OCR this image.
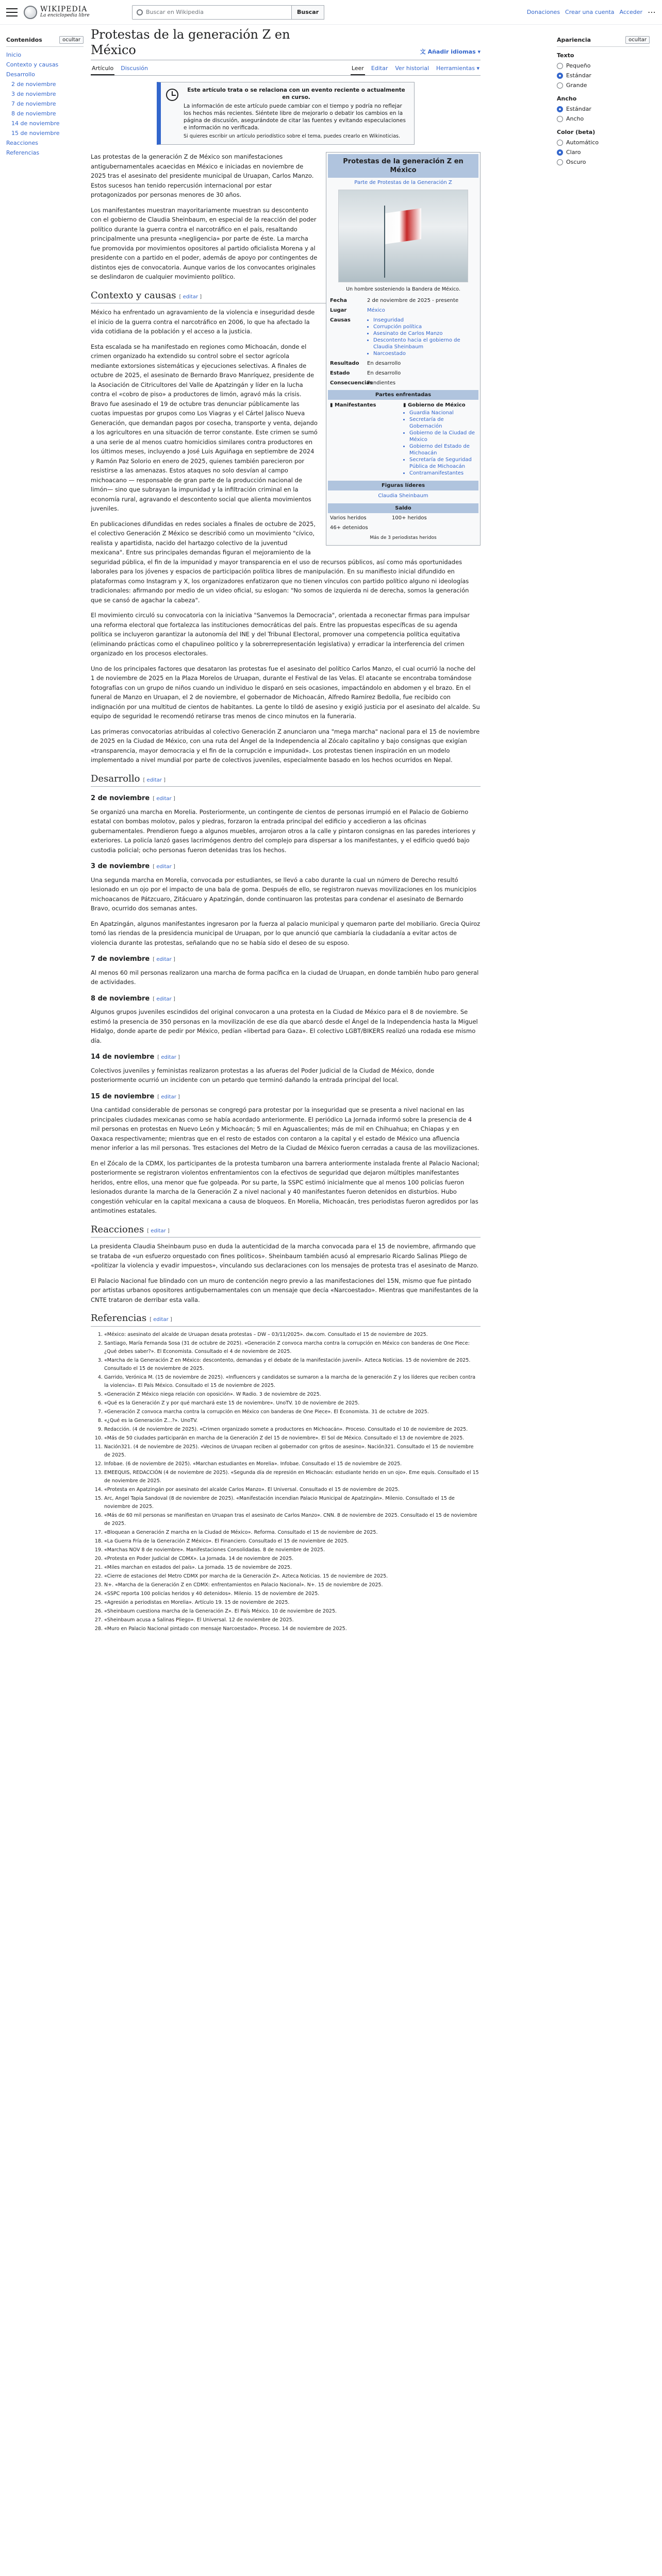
WIKIPEDIA
La enciclopedia libre	Buscar en Wikipedia	Buscar	Donaciones Crear una cuenta Acceder ⋯
Contenidos	ocultar
Inicio
Contexto y causas
Desarrollo
2 de noviembre
3 de noviembre
7 de noviembre
8 de noviembre
14 de noviembre
15 de noviembre
Reacciones
Referencias
Protestas de la generación Z en México	文 Añadir idiomas ▾
Artículo Discusión	Leer Editar Ver historial Herramientas ▾
Este artículo trata o se relaciona con un evento reciente o actualmente en curso.
La información de este artículo puede cambiar con el tiempo y podría no reflejar los hechos más recientes. Siéntete libre de mejorarlo o debatir los cambios en la página de discusión, asegurándote de citar las fuentes y evitando especulaciones e información no verificada.
Si quieres escribir un artículo periodístico sobre el tema, puedes crearlo en Wikinoticias.
Protestas de la generación Z en México
Parte de Protestas de la Generación Z
Un hombre sosteniendo la Bandera de México.
Fecha	2 de noviembre de 2025 - presente
Lugar	México
Causas
•	Inseguridad
• Corrupción política
• Asesinato de Carlos Manzo
• Descontento hacia el gobierno de Claudia Sheinbaum
• Narcoestado
Resultado	En desarrollo
Estado	En desarrollo
Consecuencias
Pendientes
Partes enfrentadas
▮ Manifestantes	▮ Gobierno de México
• Guardia Nacional
• Secretaría de Gobernación
• Gobierno de la Ciudad de México
• Gobierno del Estado de Michoacán
• Secretaría de Seguridad Pública de Michoacán
• Contramanifestantes
Figuras líderes
Claudia Sheinbaum
Saldo
Varios heridos	100+ heridos
46+ detenidos
Más de 3 periodistas heridos

Las protestas de la generación Z de México son manifestaciones antigubernamentales acaecidas en México e iniciadas en noviembre de 2025 tras el asesinato del presidente municipal de Uruapan, Carlos Manzo. Estos sucesos han tenido repercusión internacional por estar protagonizados por personas menores de 30 años.

Los manifestantes muestran mayoritariamente muestran su descontento con el gobierno de Claudia Sheinbaum, en especial de la reacción del poder político durante la guerra contra el narcotráfico en el país, resaltando principalmente una presunta «negligencia» por parte de éste. La marcha fue promovida por movimientos opositores al partido oficialista Morena y al presidente con a partido en el poder, además de apoyo por contingentes de distintos ejes de convocatoria. Aunque varios de los convocantes originales se deslindaron de cualquier movimiento político.

Contexto y causas [ editar ]

México ha enfrentado un agravamiento de la violencia e inseguridad desde el inicio de la guerra contra el narcotráfico en 2006, lo que ha afectado la vida cotidiana de la población y el acceso a la justicia.

Esta escalada se ha manifestado en regiones como Michoacán, donde el crimen organizado ha extendido su control sobre el sector agrícola mediante extorsiones sistemáticas y ejecuciones selectivas. A finales de octubre de 2025, el asesinato de Bernardo Bravo Manríquez, presidente de la Asociación de Citricultores del Valle de Apatzingán y líder en la lucha contra el «cobro de piso» a productores de limón, agravó más la crisis. Bravo fue asesinado el 19 de octubre tras denunciar públicamente las cuotas impuestas por grupos como Los Viagras y el Cártel Jalisco Nueva Generación, que demandan pagos por cosecha, transporte y venta, dejando a los agricultores en una situación de terror constante. Este crimen se sumó a una serie de al menos cuatro homicidios similares contra productores en los últimos meses, incluyendo a José Luis Aguiñaga en septiembre de 2024 y Ramón Paz Solorio en enero de 2025, quienes también parecieron por resistirse a las amenazas. Estos ataques no solo desvían al campo michoacano — responsable de gran parte de la producción nacional de limón— sino que subrayan la impunidad y la infiltración criminal en la economía rural, agravando el descontento social que alienta movimientos juveniles.

En publicaciones difundidas en redes sociales a finales de octubre de 2025, el colectivo Generación Z México se describió como un movimiento "cívico, realista y apartidista, nacido del hartazgo colectivo de la juventud mexicana". Entre sus principales demandas figuran el mejoramiento de la seguridad pública, el fin de la impunidad y mayor transparencia en el uso de recursos públicos, así como más oportunidades laborales para los jóvenes y espacios de participación política libres de manipulación. En su manifiesto inicial difundido en plataformas como Instagram y X, los organizadores enfatizaron que no tienen vínculos con partido político alguno ni ideologías tradicionales: afirmando por medio de un video oficial, su eslogan: "No somos de izquierda ni de derecha, somos la generación que se cansó de agachar la cabeza".

El movimiento circuló su convocatoria con la iniciativa "Sanvemos la Democracia", orientada a reconectar firmas para impulsar una reforma electoral que fortalezca las instituciones democráticas del país. Entre las propuestas específicas de su agenda política se incluyeron garantizar la autonomía del INE y del Tribunal Electoral, promover una competencia política equitativa (eliminando prácticas como el chapulineo político y la sobrerrepresentación legislativa) y erradicar la interferencia del crimen organizado en los procesos electorales.

Uno de los principales factores que desataron las protestas fue el asesinato del político Carlos Manzo, el cual ocurrió la noche del 1 de noviembre de 2025 en la Plaza Morelos de Uruapan, durante el Festival de las Velas. El atacante se encontraba tomándose fotografías con un grupo de niños cuando un individuo le disparó en seis ocasiones, impactándolo en abdomen y el brazo. En el funeral de Manzo en Uruapan, el 2 de noviembre, el gobernador de Michoacán, Alfredo Ramírez Bedolla, fue recibido con indignación por una multitud de cientos de habitantes. La gente lo tildó de asesino y exigió justicia por el asesinato del alcalde. Su equipo de seguridad le recomendó retirarse tras menos de cinco minutos en la funeraria.

Las primeras convocatorias atribuidas al colectivo Generación Z anunciaron una "mega marcha" nacional para el 15 de noviembre de 2025 en la Ciudad de México, con una ruta del Ángel de la Independencia al Zócalo capitalino y bajo consignas que exigían «transparencia, mayor democracia y el fin de la corrupción e impunidad». Los protestas tienen inspiración en un modelo implementado a nivel mundial por parte de colectivos juveniles, especialmente basado en los hechos ocurridos en Nepal.

Desarrollo [ editar ]
2 de noviembre [ editar ]

Se organizó una marcha en Morelia. Posteriormente, un contingente de cientos de personas irrumpió en el Palacio de Gobierno estatal con bombas molotov, palos y piedras, forzaron la entrada principal del edificio y accedieron a las oficinas gubernamentales. Prendieron fuego a algunos muebles, arrojaron otros a la calle y pintaron consignas en las paredes interiores y exteriores. La policía lanzó gases lacrimógenos dentro del complejo para dispersar a los manifestantes, y el edificio quedó bajo custodia policial; ocho personas fueron detenidas tras los hechos.

3 de noviembre [ editar ]

Una segunda marcha en Morelia, convocada por estudiantes, se llevó a cabo durante la cual un número de Derecho resultó lesionado en un ojo por el impacto de una bala de goma. Después de ello, se registraron nuevas movilizaciones en los municipios michoacanos de Pátzcuaro, Zitácuaro y Apatzingán, donde continuaron las protestas para condenar el asesinato de Bernardo Bravo, ocurrido dos semanas antes.

En Apatzingán, algunos manifestantes ingresaron por la fuerza al palacio municipal y quemaron parte del mobiliario. Grecia Quiroz tomó las riendas de la presidencia municipal de Uruapan, por lo que anunció que cambiaría la ciudadanía a evitar actos de violencia durante las protestas, señalando que no se había sido el deseo de su esposo.

7 de noviembre [ editar ]

Al menos 60 mil personas realizaron una marcha de forma pacífica en la ciudad de Uruapan, en donde también hubo paro general de actividades.

8 de noviembre [ editar ]

Algunos grupos juveniles escindidos del original convocaron a una protesta en la Ciudad de México para el 8 de noviembre. Se estimó la presencia de 350 personas en la movilización de ese día que abarcó desde el Ángel de la Independencia hasta la Miguel Hidalgo, donde aparte de pedir por México, pedían «libertad para Gaza». El colectivo LGBT/BIKERS realizó una rodada ese mismo día.

14 de noviembre [ editar ]

Colectivos juveniles y feministas realizaron protestas a las afueras del Poder Judicial de la Ciudad de México, donde posteriormente ocurrió un incidente con un petardo que terminó dañando la entrada principal del local.

15 de noviembre [ editar ]

Una cantidad considerable de personas se congregó para protestar por la inseguridad que se presenta a nivel nacional en las principales ciudades mexicanas como se había acordado anteriormente. El periódico La Jornada informó sobre la presencia de 4 mil personas en protestas en Nuevo León y Michoacán; 5 mil en Aguascalientes; más de mil en Chihuahua; en Chiapas y en Oaxaca respectivamente; mientras que en el resto de estados con contaron a la capital y el estado de México una afluencia menor inferior a las mil personas. Tres estaciones del Metro de la Ciudad de México fueron cerradas a causa de las movilizaciones.

En el Zócalo de la CDMX, los participantes de la protesta tumbaron una barrera anteriormente instalada frente al Palacio Nacional; posteriormente se registraron violentos enfrentamientos con la efectivos de seguridad que dejaron múltiples manifestantes heridos, entre ellos, una menor que fue golpeada. Por su parte, la SSPC estimó inicialmente que al menos 100 policías fueron lesionados durante la marcha de la Generación Z a nivel nacional y 40 manifestantes fueron detenidos en disturbios. Hubo congestión vehicular en la capital mexicana a causa de bloqueos. En Morelia, Michoacán, tres periodistas fueron agredidos por las antimotines estatales.

Reacciones [ editar ]

La presidenta Claudia Sheinbaum puso en duda la autenticidad de la marcha convocada para el 15 de noviembre, afirmando que se trataba de «un esfuerzo orquestado con fines políticos». Sheinbaum también acusó al empresario Ricardo Salinas Pliego de «politizar la violencia y evadir impuestos», vinculando sus declaraciones con los mensajes de protesta tras el asesinato de Manzo.

El Palacio Nacional fue blindado con un muro de contención negro previo a las manifestaciones del 15N, mismo que fue pintado por artistas urbanos opositores antigubernamentales con un mensaje que decía «Narcoestado». Mientras que manifestantes de la CNTE trataron de derribar esta valla.

Referencias [ editar ]
1. «México: asesinato del alcalde de Uruapan desata protestas – DW – 03/11/2025». dw.com. Consultado el 15 de noviembre de 2025.
2. Santiago, María Fernanda Sosa (31 de octubre de 2025). «Generación Z convoca marcha contra la corrupción en México con banderas de One Piece: ¿Qué debes saber?». El Economista. Consultado el 4 de noviembre de 2025.
3. «Marcha de la Generación Z en México: descontento, demandas y el debate de la manifestación juvenil». Azteca Noticias. 15 de noviembre de 2025. Consultado el 15 de noviembre de 2025.
4. Garrido, Verónica M. (15 de noviembre de 2025). «Influencers y candidatos se sumaron a la marcha de la generación Z y los líderes que reciben contra la violencia». El País México. Consultado el 15 de noviembre de 2025.
5. «Generación Z México niega relación con oposición». W Radio. 3 de noviembre de 2025.
6. «Qué es la Generación Z y por qué marchará este 15 de noviembre». UnoTV. 10 de noviembre de 2025.
7. «Generación Z convoca marcha contra la corrupción en México con banderas de One Piece». El Economista. 31 de octubre de 2025.
8. «¿Qué es la Generación Z...?». UnoTV.
9. Redacción. (4 de noviembre de 2025). «Crimen organizado somete a productores en Michoacán». Proceso. Consultado el 10 de noviembre de 2025.
10. «Más de 50 ciudades participarán en marcha de la Generación Z del 15 de noviembre». El Sol de México. Consultado el 13 de noviembre de 2025.
11. Nación321. (4 de noviembre de 2025). «Vecinos de Uruapan reciben al gobernador con gritos de asesino». Nación321. Consultado el 15 de noviembre de 2025.
12. Infobae. (6 de noviembre de 2025). «Marchan estudiantes en Morelia». Infobae. Consultado el 15 de noviembre de 2025.
13. EMEEQUIS, REDACCIÓN (4 de noviembre de 2025). «Segunda día de represión en Michoacán: estudiante herido en un ojo». Eme equis. Consultado el 15 de noviembre de 2025.
14. «Protesta en Apatzingán por asesinato del alcalde Carlos Manzo». El Universal. Consultado el 15 de noviembre de 2025.
15. Arc, Angel Tapia Sandoval (8 de noviembre de 2025). «Manifestación incendian Palacio Municipal de Apatzingán». Milenio. Consultado el 15 de noviembre de 2025.
16. «Más de 60 mil personas se manifiestan en Uruapan tras el asesinato de Carlos Manzo». CNN. 8 de noviembre de 2025. Consultado el 15 de noviembre de 2025.
17. «Bloquean a Generación Z marcha en la Ciudad de México». Reforma. Consultado el 15 de noviembre de 2025.
18. «La Guerra Fría de la Generación Z México». El Financiero. Consultado el 15 de noviembre de 2025.
19. «Marchas NOV 8 de noviembre». Manifestaciones Consolidadas. 8 de noviembre de 2025.
20. «Protesta en Poder Judicial de CDMX». La Jornada. 14 de noviembre de 2025.
21. «Miles marchan en estados del país». La Jornada. 15 de noviembre de 2025.
22. «Cierre de estaciones del Metro CDMX por marcha de la Generación Z». Azteca Noticias. 15 de noviembre de 2025.
23. N+. «Marcha de la Generación Z en CDMX: enfrentamientos en Palacio Nacional». N+. 15 de noviembre de 2025.
24. «SSPC reporta 100 policías heridos y 40 detenidos». Milenio. 15 de noviembre de 2025.
25. «Agresión a periodistas en Morelia». Artículo 19. 15 de noviembre de 2025.
26. «Sheinbaum cuestiona marcha de la Generación Z». El País México. 10 de noviembre de 2025.
27. «Sheinbaum acusa a Salinas Pliego». El Universal. 12 de noviembre de 2025.
28. «Muro en Palacio Nacional pintado con mensaje Narcoestado». Proceso. 14 de noviembre de 2025.
Apariencia	ocultar
Texto
Pequeño
Estándar
Grande
Ancho
Estándar
Ancho
Color (beta)
Automático
Claro
Oscuro
